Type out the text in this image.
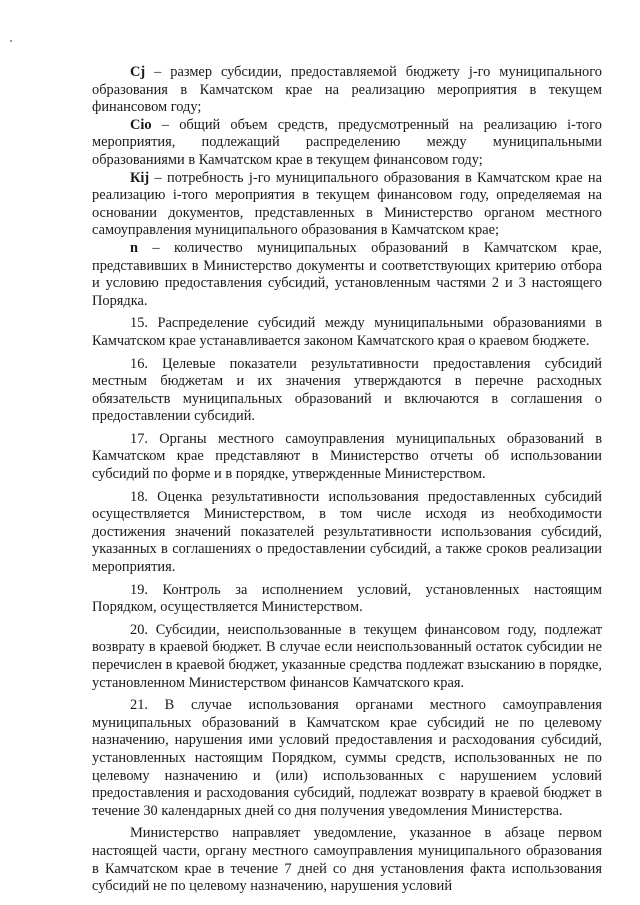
Cj – размер субсидии, предоставляемой бюджету j-го муниципального образования в Камчатском крае на реализацию мероприятия в текущем финансовом году;

Cio – общий объем средств, предусмотренный на реализацию i-того мероприятия, подлежащий распределению между муниципальными образованиями в Камчатском крае в текущем финансовом году;

Кij – потребность j-го муниципального образования в Камчатском крае на реализацию i-того мероприятия в текущем финансовом году, определяемая на основании документов, представленных в Министерство органом местного самоуправления муниципального образования в Камчатском крае;

n – количество муниципальных образований в Камчатском крае, представивших в Министерство документы и соответствующих критерию отбора и условию предоставления субсидий, установленным частями 2 и 3 настоящего Порядка.

15. Распределение субсидий между муниципальными образованиями в Камчатском крае устанавливается законом Камчатского края о краевом бюджете.

16. Целевые показатели результативности предоставления субсидий местным бюджетам и их значения утверждаются в перечне расходных обязательств муниципальных образований и включаются в соглашения о предоставлении субсидий.

17. Органы местного самоуправления муниципальных образований в Камчатском крае представляют в Министерство отчеты об использовании субсидий по форме и в порядке, утвержденные Министерством.

18. Оценка результативности использования предоставленных субсидий осуществляется Министерством, в том числе исходя из необходимости достижения значений показателей результативности использования субсидий, указанных в соглашениях о предоставлении субсидий, а также сроков реализации мероприятия.

19. Контроль за исполнением условий, установленных настоящим Порядком, осуществляется Министерством.

20. Субсидии, неиспользованные в текущем финансовом году, подлежат возврату в краевой бюджет. В случае если неиспользованный остаток субсидии не перечислен в краевой бюджет, указанные средства подлежат взысканию в порядке, установленном Министерством финансов Камчатского края.

21. В случае использования органами местного самоуправления муниципальных образований в Камчатском крае субсидий не по целевому назначению, нарушения ими условий предоставления и расходования субсидий, установленных настоящим Порядком, суммы средств, использованных не по целевому назначению и (или) использованных с нарушением условий предоставления и расходования субсидий, подлежат возврату в краевой бюджет в течение 30 календарных дней со дня получения уведомления Министерства.

Министерство направляет уведомление, указанное в абзаце первом настоящей части, органу местного самоуправления муниципального образования в Камчатском крае в течение 7 дней со дня установления факта использования субсидий не по целевому назначению, нарушения условий
